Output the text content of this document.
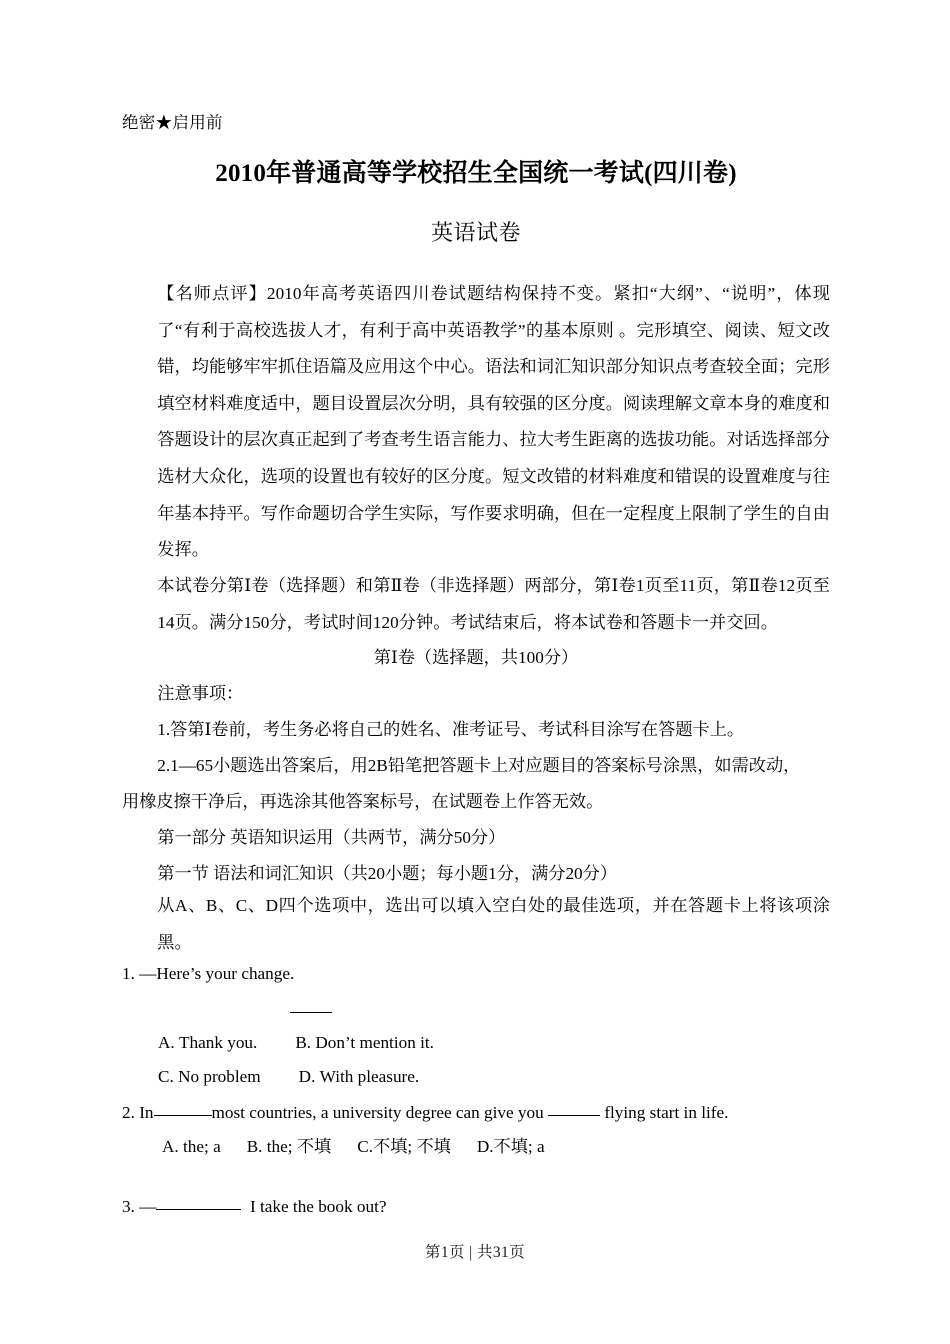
绝密★启用前
2010年普通高等学校招生全国统一考试(四川卷)
英语试卷
【名师点评】2010年高考英语四川卷试题结构保持不变。紧扣“大纲”、“说明”，体现了“有利于高校选拔人才，有利于高中英语教学”的基本原则 。完形填空、阅读、短文改错，均能够牢牢抓住语篇及应用这个中心。语法和词汇知识部分知识点考查较全面；完形填空材料难度适中，题目设置层次分明，具有较强的区分度。阅读理解文章本身的难度和答题设计的层次真正起到了考查考生语言能力、拉大考生距离的选拔功能。对话选择部分选材大众化，选项的设置也有较好的区分度。短文改错的材料难度和错误的设置难度与往年基本持平。写作命题切合学生实际，写作要求明确，但在一定程度上限制了学生的自由发挥。
本试卷分第Ⅰ卷（选择题）和第Ⅱ卷（非选择题）两部分，第Ⅰ卷1页至11页，第Ⅱ卷12页至14页。满分150分，考试时间120分钟。考试结束后，将本试卷和答题卡一并交回。
第Ⅰ卷（选择题，共100分）
注意事项：
1.答第Ⅰ卷前，考生务必将自己的姓名、准考证号、考试科目涂写在答题卡上。
2.1—65小题选出答案后，用2B铅笔把答题卡上对应题目的答案标号涂黑，如需改动，
用橡皮擦干净后，再选涂其他答案标号，在试题卷上作答无效。
第一部分 英语知识运用（共两节，满分50分）
第一节 语法和词汇知识（共20小题；每小题1分，满分20分）
从A、B、C、D四个选项中，选出可以填入空白处的最佳选项，并在答题卡上将该项涂黑。
1. —Here’s your change.
A. Thank you. B. Don’t mention it.
C. No problem D. With pleasure.
2. In	most countries, a university degree can give you	flying start in life.
A. the; a B. the; 不填 C.不填; 不填 D.不填; a
3. —	I take the book out?
第1页 | 共31页
